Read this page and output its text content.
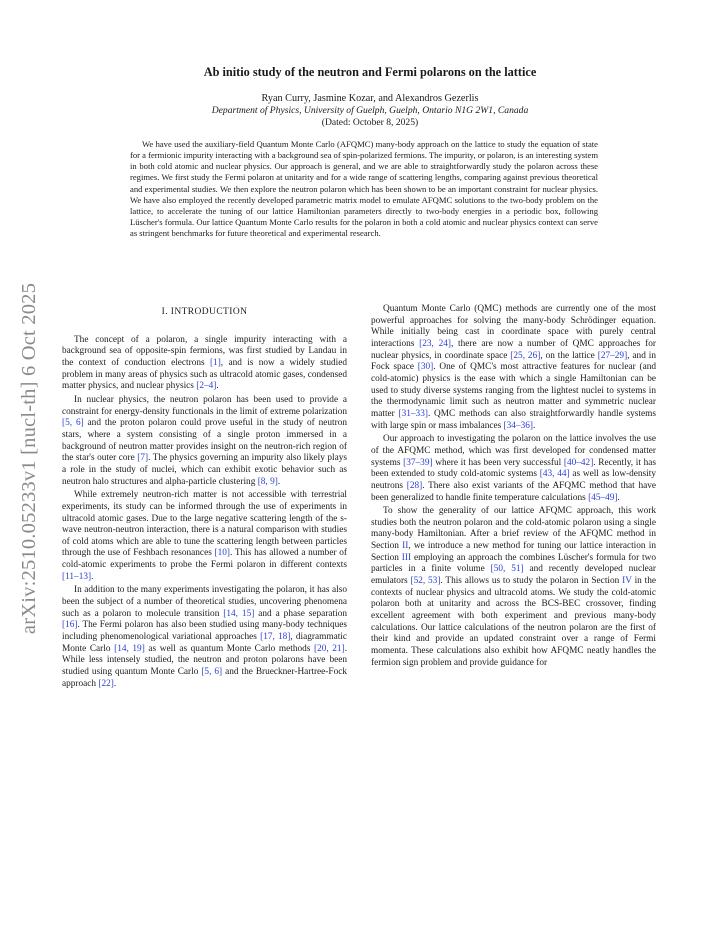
arXiv:2510.05233v1 [nucl-th] 6 Oct 2025
Ab initio study of the neutron and Fermi polarons on the lattice
Ryan Curry, Jasmine Kozar, and Alexandros Gezerlis
Department of Physics, University of Guelph, Guelph, Ontario N1G 2W1, Canada
(Dated: October 8, 2025)

We have used the auxiliary-field Quantum Monte Carlo (AFQMC) many-body approach on the lattice to study the equation of state for a fermionic impurity interacting with a background sea of spin-polarized fermions. The impurity, or polaron, is an interesting system in both cold atomic and nuclear physics. Our approach is general, and we are able to straightforwardly study the polaron across these regimes. We first study the Fermi polaron at unitarity and for a wide range of scattering lengths, comparing against previous theoretical and experimental studies. We then explore the neutron polaron which has been shown to be an important constraint for nuclear physics. We have also employed the recently developed parametric matrix model to emulate AFQMC solutions to the two-body problem on the lattice, to accelerate the tuning of our lattice Hamiltonian parameters directly to two-body energies in a periodic box, following Lüscher's formula. Our lattice Quantum Monte Carlo results for the polaron in both a cold atomic and nuclear physics context can serve as stringent benchmarks for future theoretical and experimental research.

I. INTRODUCTION

The concept of a polaron, a single impurity interacting with a background sea of opposite-spin fermions, was first studied by Landau in the context of conduction electrons [1], and is now a widely studied problem in many areas of physics such as ultracold atomic gases, condensed matter physics, and nuclear physics [2–4].

In nuclear physics, the neutron polaron has been used to provide a constraint for energy-density functionals in the limit of extreme polarization [5, 6] and the proton polaron could prove useful in the study of neutron stars, where a system consisting of a single proton immersed in a background of neutron matter provides insight on the neutron-rich region of the star's outer core [7]. The physics governing an impurity also likely plays a role in the study of nuclei, which can exhibit exotic behavior such as neutron halo structures and alpha-particle clustering [8, 9].

While extremely neutron-rich matter is not accessible with terrestrial experiments, its study can be informed through the use of experiments in ultracold atomic gases. Due to the large negative scattering length of the s-wave neutron-neutron interaction, there is a natural comparison with studies of cold atoms which are able to tune the scattering length between particles through the use of Feshbach resonances [10]. This has allowed a number of cold-atomic experiments to probe the Fermi polaron in different contexts [11–13].

In addition to the many experiments investigating the polaron, it has also been the subject of a number of theoretical studies, uncovering phenomena such as a polaron to molecule transition [14, 15] and a phase separation [16]. The Fermi polaron has also been studied using many-body techniques including phenomenological variational approaches [17, 18], diagrammatic Monte Carlo [14, 19] as well as quantum Monte Carlo methods [20, 21]. While less intensely studied, the neutron and proton polarons have been studied using quantum Monte Carlo [5, 6] and the Brueckner-Hartree-Fock approach [22].

Quantum Monte Carlo (QMC) methods are currently one of the most powerful approaches for solving the many-body Schrödinger equation. While initially being cast in coordinate space with purely central interactions [23, 24], there are now a number of QMC approaches for nuclear physics, in coordinate space [25, 26], on the lattice [27–29], and in Fock space [30]. One of QMC's most attractive features for nuclear (and cold-atomic) physics is the ease with which a single Hamiltonian can be used to study diverse systems ranging from the lightest nuclei to systems in the thermodynamic limit such as neutron matter and symmetric nuclear matter [31–33]. QMC methods can also straightforwardly handle systems with large spin or mass imbalances [34–36].

Our approach to investigating the polaron on the lattice involves the use of the AFQMC method, which was first developed for condensed matter systems [37–39] where it has been very successful [40–42]. Recently, it has been extended to study cold-atomic systems [43, 44] as well as low-density neutrons [28]. There also exist variants of the AFQMC method that have been generalized to handle finite temperature calculations [45–49].

To show the generality of our lattice AFQMC approach, this work studies both the neutron polaron and the cold-atomic polaron using a single many-body Hamiltonian. After a brief review of the AFQMC method in Section II, we introduce a new method for tuning our lattice interaction in Section III employing an approach the combines Lüscher's formula for two particles in a finite volume [50, 51] and recently developed nuclear emulators [52, 53]. This allows us to study the polaron in Section IV in the contexts of nuclear physics and ultracold atoms. We study the cold-atomic polaron both at unitarity and across the BCS-BEC crossover, finding excellent agreement with both experiment and previous many-body calculations. Our lattice calculations of the neutron polaron are the first of their kind and provide an updated constraint over a range of Fermi momenta. These calculations also exhibit how AFQMC neatly handles the fermion sign problem and provide guidance for
